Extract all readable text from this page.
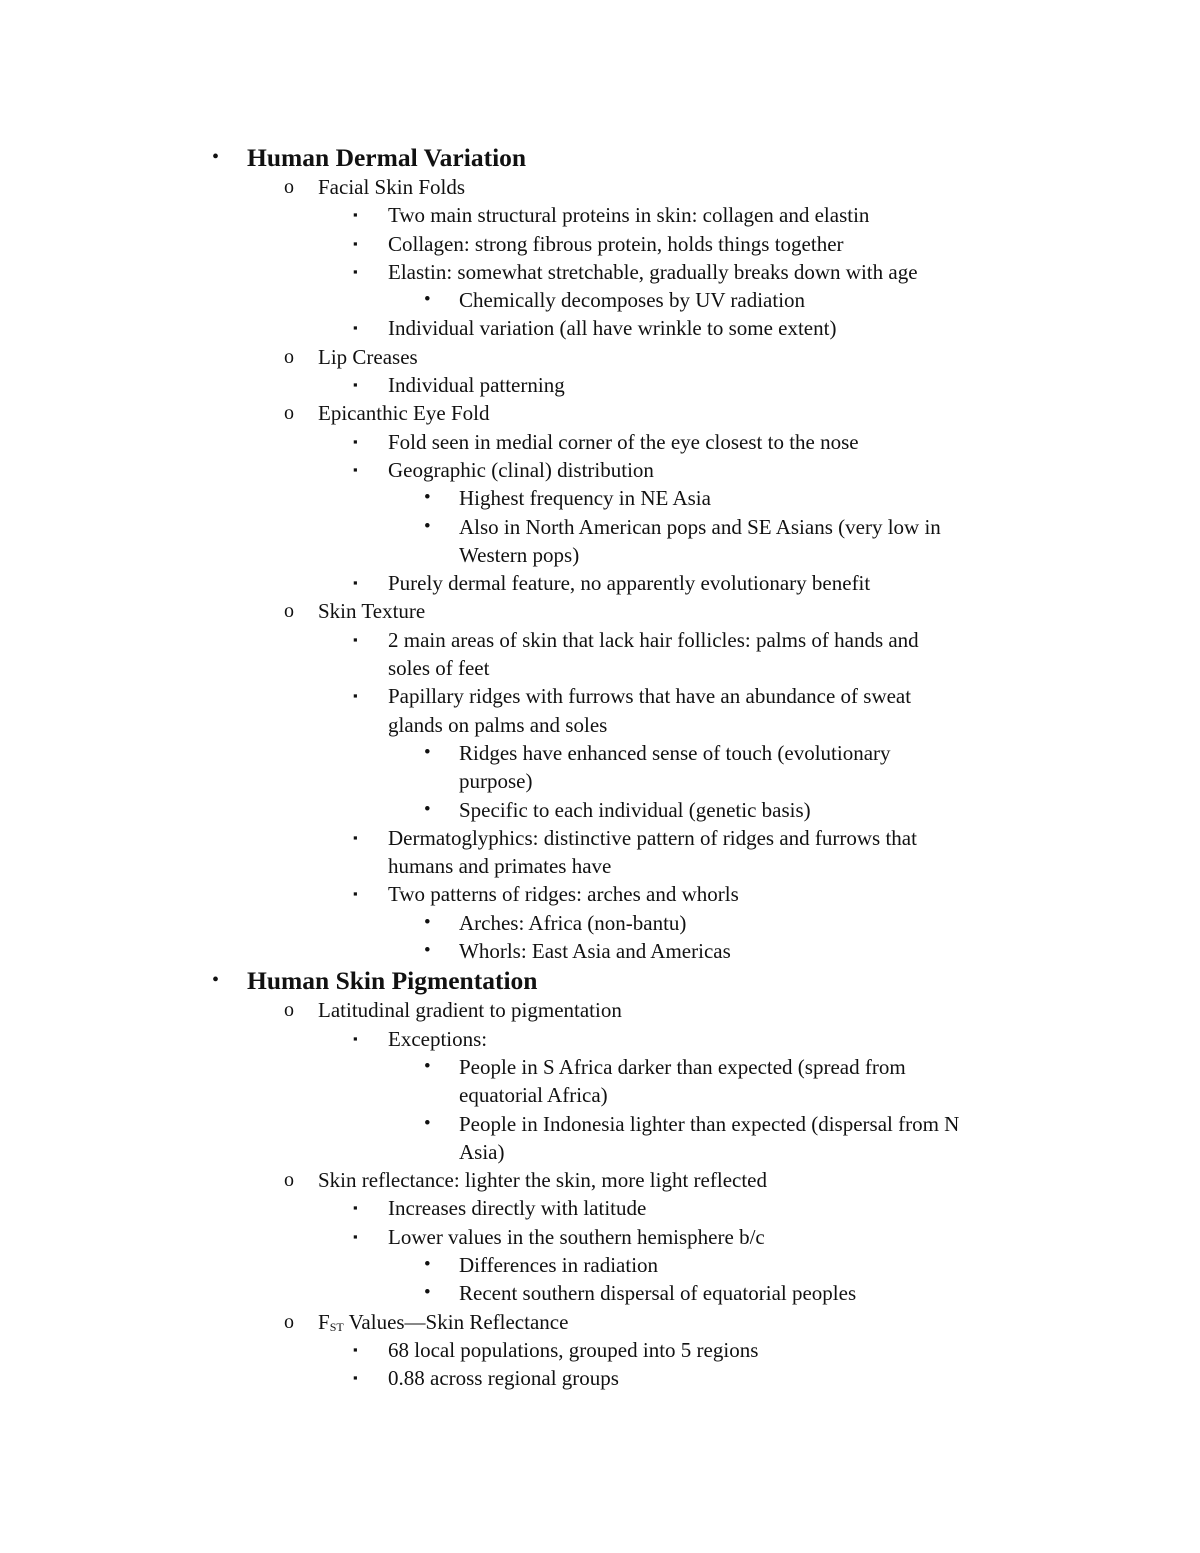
• Human Dermal Variation
o Facial Skin Folds
▪ Two main structural proteins in skin: collagen and elastin
▪ Collagen: strong fibrous protein, holds things together
▪ Elastin: somewhat stretchable, gradually breaks down with age
• Chemically decomposes by UV radiation
▪ Individual variation (all have wrinkle to some extent)
o Lip Creases
▪ Individual patterning
o Epicanthic Eye Fold
▪ Fold seen in medial corner of the eye closest to the nose
▪ Geographic (clinal) distribution
• Highest frequency in NE Asia
• Also in North American pops and SE Asians (very low in
Western pops)
▪ Purely dermal feature, no apparently evolutionary benefit
o Skin Texture
▪ 2 main areas of skin that lack hair follicles: palms of hands and
soles of feet
▪ Papillary ridges with furrows that have an abundance of sweat
glands on palms and soles
• Ridges have enhanced sense of touch (evolutionary
purpose)
• Specific to each individual (genetic basis)
▪ Dermatoglyphics: distinctive pattern of ridges and furrows that
humans and primates have
▪ Two patterns of ridges: arches and whorls
• Arches: Africa (non-bantu)
• Whorls: East Asia and Americas
• Human Skin Pigmentation
o Latitudinal gradient to pigmentation
▪ Exceptions:
• People in S Africa darker than expected (spread from
equatorial Africa)
• People in Indonesia lighter than expected (dispersal from N
Asia)
o Skin reflectance: lighter the skin, more light reflected
▪ Increases directly with latitude
▪ Lower values in the southern hemisphere b/c
• Differences in radiation
• Recent southern dispersal of equatorial peoples
o $F_{ST}$ Values—Skin Reflectance
▪ 68 local populations, grouped into 5 regions
▪ 0.88 across regional groups
